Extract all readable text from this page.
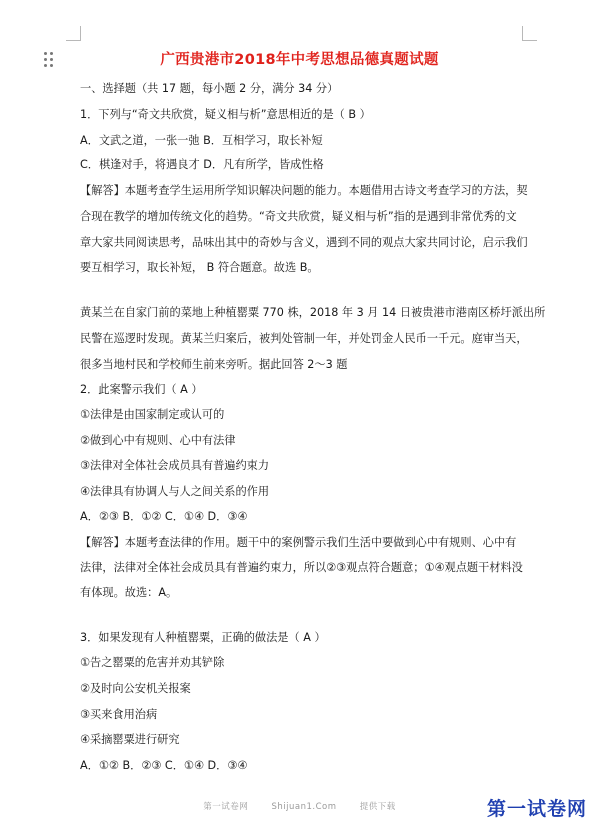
广西贵港市2018年中考思想品德真题试题
一、选择题（共 17 题，每小题 2 分，满分 34 分）
1．下列与“奇文共欣赏，疑义相与析”意思相近的是（ B ）
A．文武之道，一张一弛 B．互相学习，取长补短
C．棋逢对手，将遇良才 D．凡有所学，皆成性格
【解答】本题考查学生运用所学知识解决问题的能力。本题借用古诗文考查学习的方法，契
合现在教学的增加传统文化的趋势。“奇文共欣赏，疑义相与析”指的是遇到非常优秀的文
章大家共同阅读思考，品味出其中的奇妙与含义，遇到不同的观点大家共同讨论，启示我们
要互相学习，取长补短， B 符合题意。故选 B。
黄某兰在自家门前的菜地上种植罂粟 770 株，2018 年 3 月 14 日被贵港市港南区桥圩派出所
民警在巡逻时发现。黄某兰归案后，被判处管制一年，并处罚金人民币一千元。庭审当天，
很多当地村民和学校师生前来旁听。据此回答 2～3 题
2．此案警示我们（ A ）
①法律是由国家制定或认可的
②做到心中有规则、心中有法律
③法律对全体社会成员具有普遍约束力
④法律具有协调人与人之间关系的作用
A．②③ B．①② C．①④ D．③④
【解答】本题考查法律的作用。题干中的案例警示我们生活中要做到心中有规则、心中有
法律，法律对全体社会成员具有普遍约束力，所以②③观点符合题意；①④观点题干材料没
有体现。故选：A。
3．如果发现有人种植罂粟，正确的做法是（ A ）
①告之罂粟的危害并劝其铲除
②及时向公安机关报案
③买来食用治病
④采摘罂粟进行研究
A．①② B．②③ C．①④ D．③④
第一试卷网	Shijuan1.Com	提供下载	第一试卷网
